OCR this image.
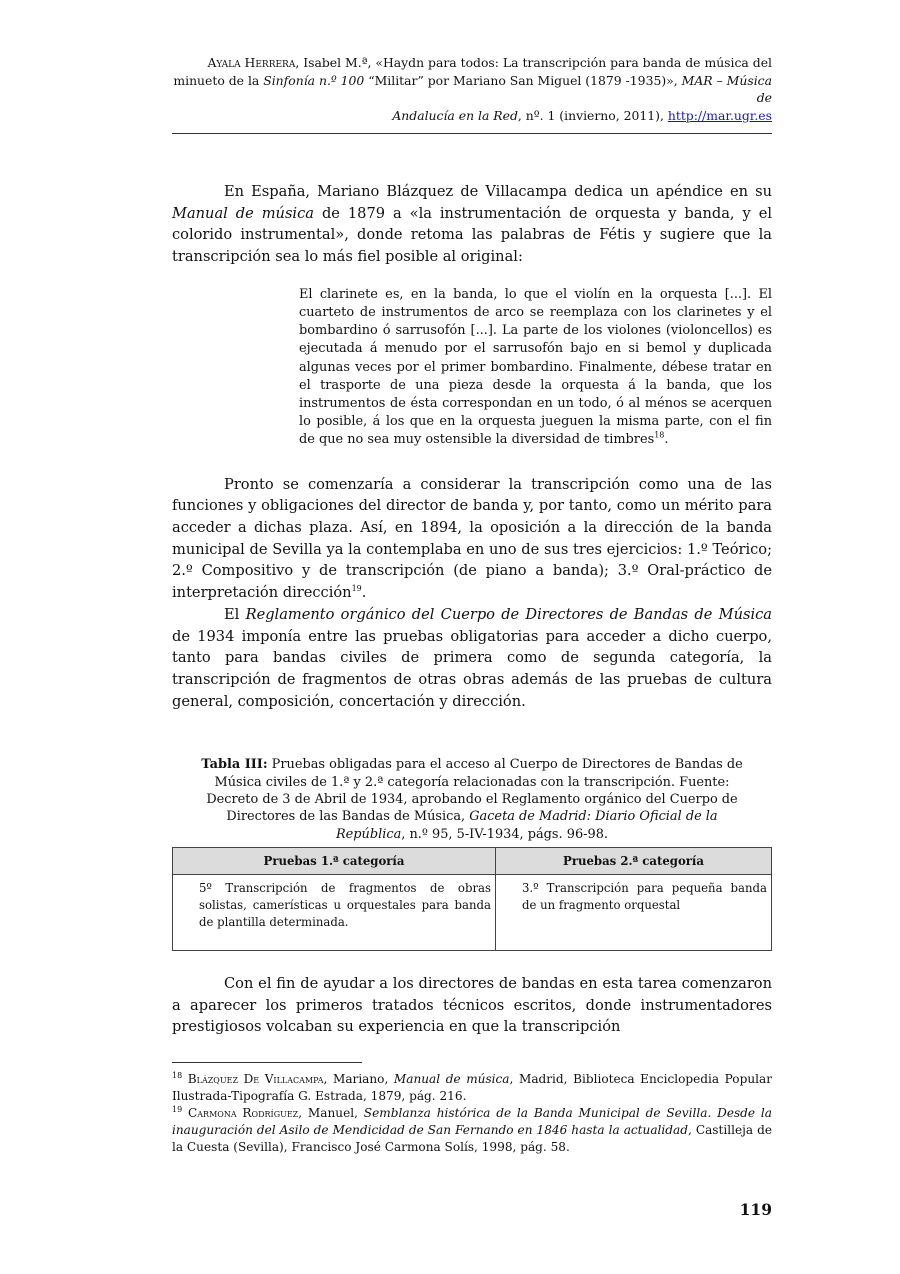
Ayala Herrera, Isabel M.ª, «Haydn para todos: La transcripción para banda de música del
minueto de la Sinfonía n.º 100 “Militar” por Mariano San Miguel (1879 -1935)», MAR – Música de
Andalucía en la Red, nº. 1 (invierno, 2011), http://mar.ugr.es

En España, Mariano Blázquez de Villacampa dedica un apéndice en su Manual de música de 1879 a «la instrumentación de orquesta y banda, y el colorido instrumental», donde retoma las palabras de Fétis y sugiere que la transcripción sea lo más fiel posible al original:

El clarinete es, en la banda, lo que el violín en la orquesta [...]. El cuarteto de instrumentos de arco se reemplaza con los clarinetes y el bombardino ó sarrusofón [...]. La parte de los violones (violoncellos) es ejecutada á menudo por el sarrusofón bajo en si bemol y duplicada algunas veces por el primer bombardino. Finalmente, débese tratar en el trasporte de una pieza desde la orquesta á la banda, que los instrumentos de ésta correspondan en un todo, ó al ménos se acerquen lo posible, á los que en la orquesta jueguen la misma parte, con el fin de que no sea muy ostensible la diversidad de timbres$^{18}$.

Pronto se comenzaría a considerar la transcripción como una de las funciones y obligaciones del director de banda y, por tanto, como un mérito para acceder a dichas plaza. Así, en 1894, la oposición a la dirección de la banda municipal de Sevilla ya la contemplaba en uno de sus tres ejercicios: 1.º Teórico; 2.º Compositivo y de transcripción (de piano a banda); 3.º Oral-práctico de interpretación dirección$^{19}$.

El Reglamento orgánico del Cuerpo de Directores de Bandas de Música de 1934 imponía entre las pruebas obligatorias para acceder a dicho cuerpo, tanto para bandas civiles de primera como de segunda categoría, la transcripción de fragmentos de otras obras además de las pruebas de cultura general, composición, concertación y dirección.

Tabla III: Pruebas obligadas para el acceso al Cuerpo de Directores de Bandas de Música civiles de 1.ª y 2.ª categoría relacionadas con la transcripción. Fuente: Decreto de 3 de Abril de 1934, aprobando el Reglamento orgánico del Cuerpo de Directores de las Bandas de Música, Gaceta de Madrid: Diario Oficial de la República, n.º 95, 5-IV-1934, págs. 96-98.
Pruebas 1.ª categoría	Pruebas 2.ª categoría
5º Transcripción de fragmentos de obras solistas, camerísticas u orquestales para banda de plantilla determinada.	3.º Transcripción para pequeña banda de un fragmento orquestal

Con el fin de ayudar a los directores de bandas en esta tarea comenzaron a aparecer los primeros tratados técnicos escritos, donde instrumentadores prestigiosos volcaban su experiencia en que la transcripción

$^{18}$ Blázquez De Villacampa, Mariano, Manual de música, Madrid, Biblioteca Enciclopedia Popular Ilustrada-Tipografía G. Estrada, 1879, pág. 216.

$^{19}$ Carmona Rodríguez, Manuel, Semblanza histórica de la Banda Municipal de Sevilla. Desde la inauguración del Asilo de Mendicidad de San Fernando en 1846 hasta la actualidad, Castilleja de la Cuesta (Sevilla), Francisco José Carmona Solís, 1998, pág. 58.

119
